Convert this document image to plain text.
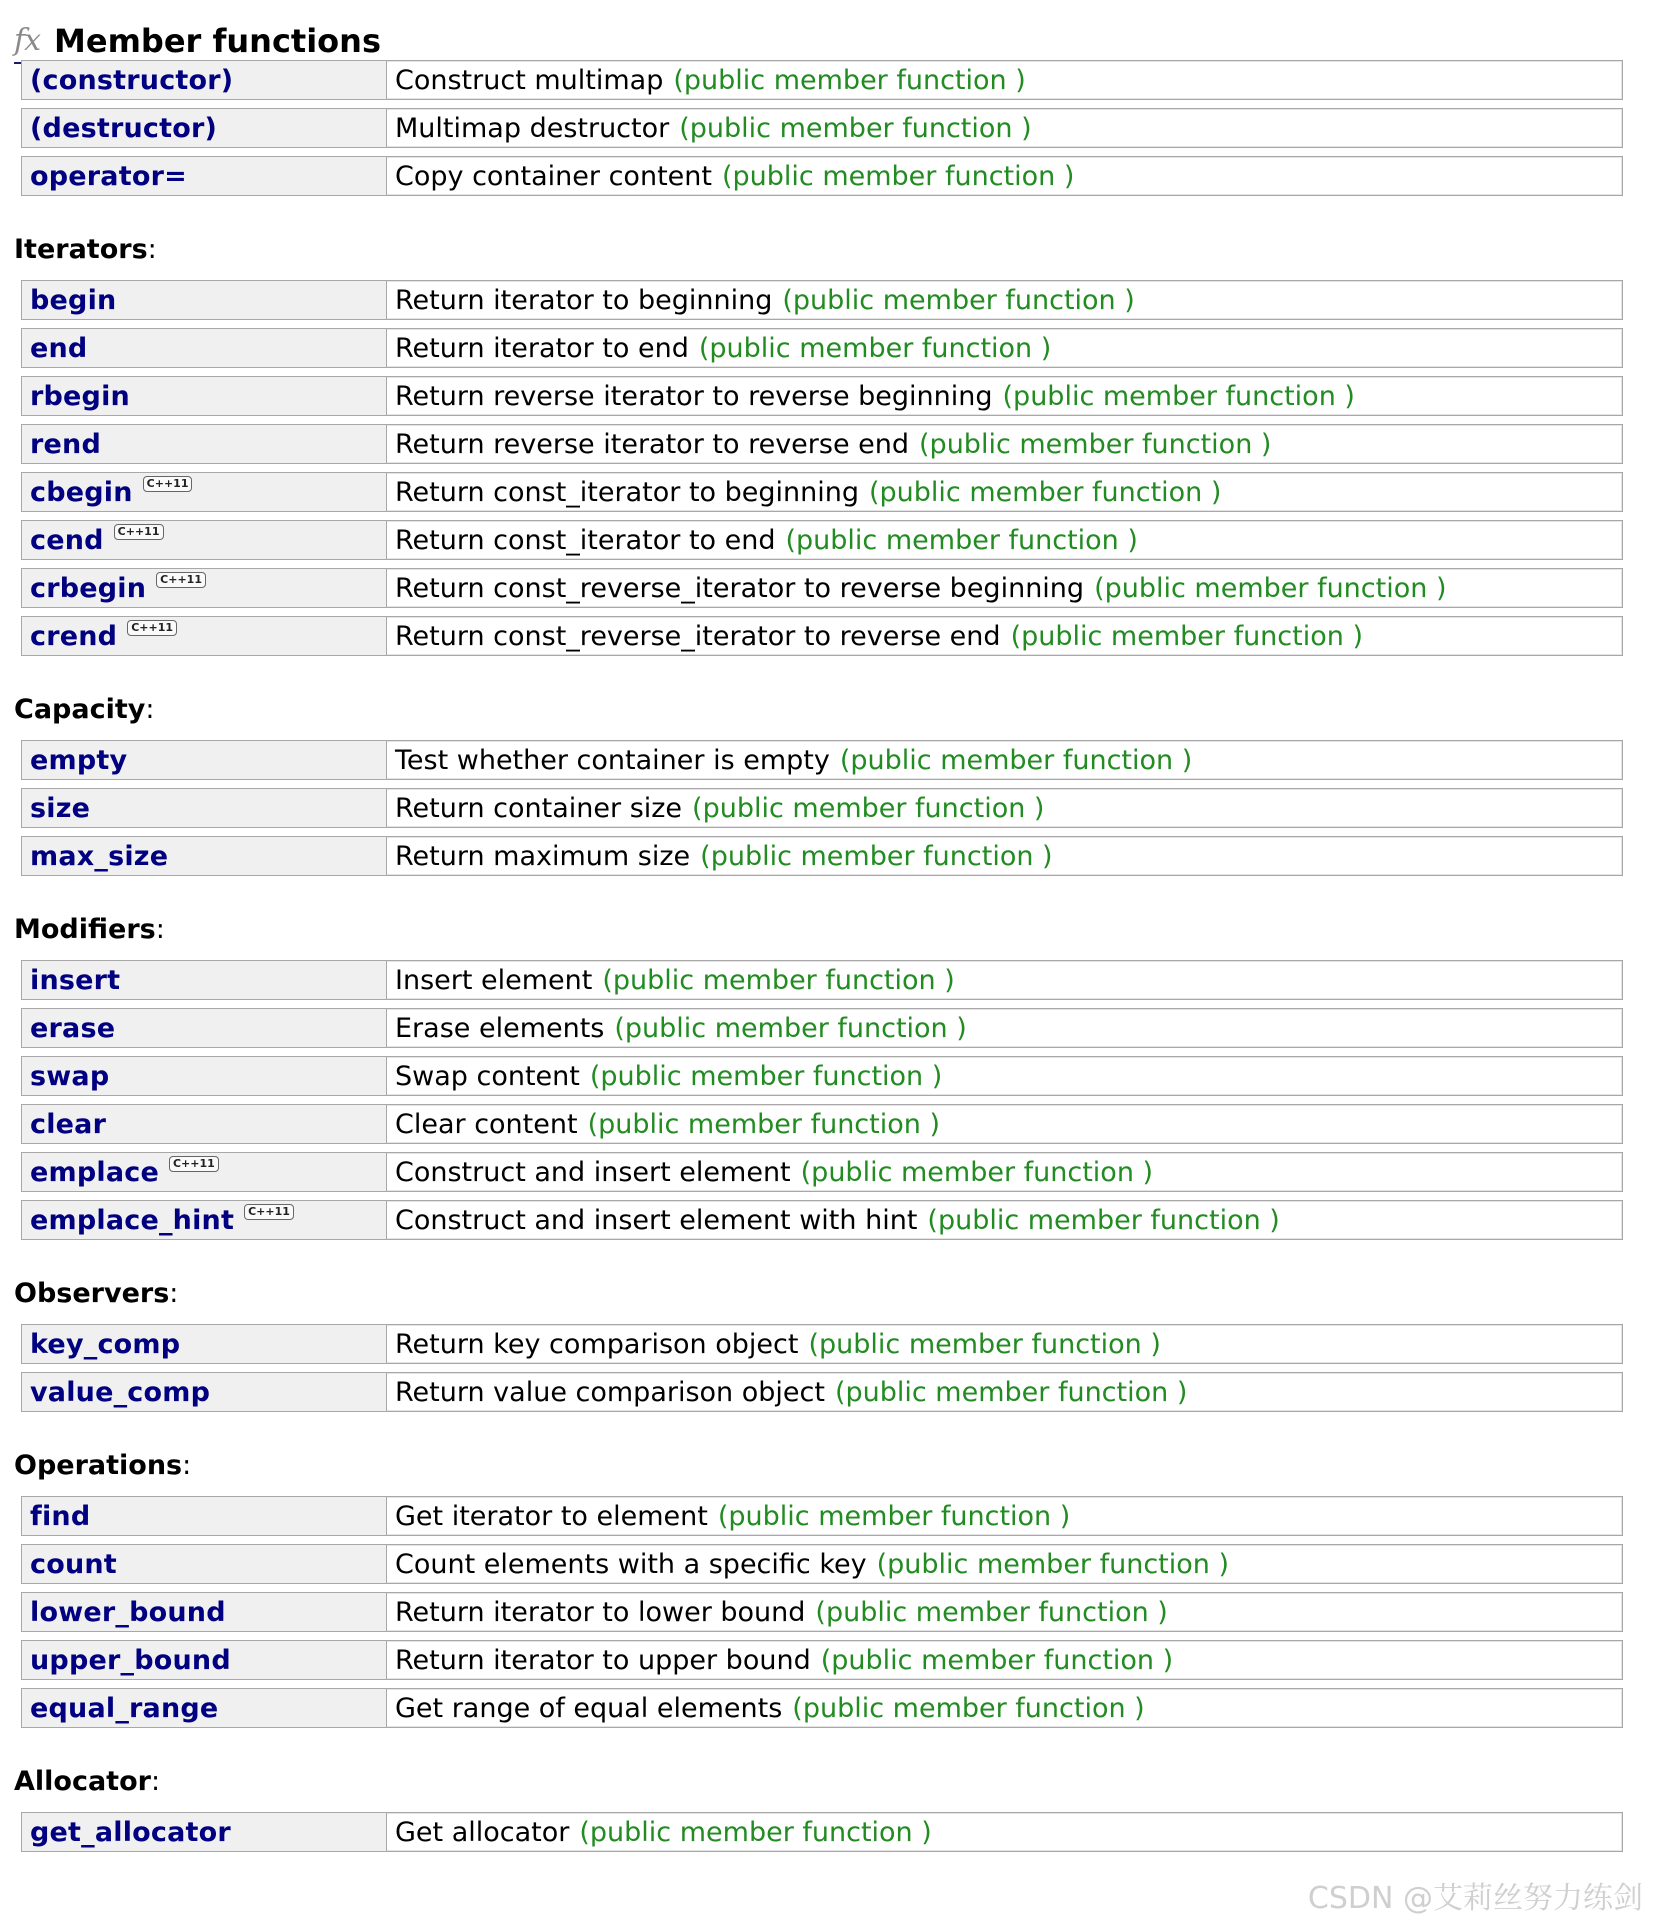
fx Member functions
(constructor)	Construct multimap (public member function )
(destructor)	Multimap destructor (public member function )
operator=	Copy container content (public member function )
Iterators:
begin	Return iterator to beginning (public member function )
end	Return iterator to end (public member function )
rbegin	Return reverse iterator to reverse beginning (public member function )
rend	Return reverse iterator to reverse end (public member function )
cbegin	C++11	Return const_iterator to beginning (public member function )
cend	C++11	Return const_iterator to end (public member function )
crbegin	C++11	Return const_reverse_iterator to reverse beginning (public member function )
crend	C++11	Return const_reverse_iterator to reverse end (public member function )
Capacity:
empty	Test whether container is empty (public member function )
size	Return container size (public member function )
max_size	Return maximum size (public member function )
Modifiers:
insert	Insert element (public member function )
erase	Erase elements (public member function )
swap	Swap content (public member function )
clear	Clear content (public member function )
emplace	C++11	Construct and insert element (public member function )
emplace_hint	C++11	Construct and insert element with hint (public member function )
Observers:
key_comp	Return key comparison object (public member function )
value_comp	Return value comparison object (public member function )
Operations:
find	Get iterator to element (public member function )
count	Count elements with a specific key (public member function )
lower_bound	Return iterator to lower bound (public member function )
upper_bound	Return iterator to upper bound (public member function )
equal_range	Get range of equal elements (public member function )
Allocator:
get_allocator	Get allocator (public member function )
CSDN @艾莉丝努力练剑
